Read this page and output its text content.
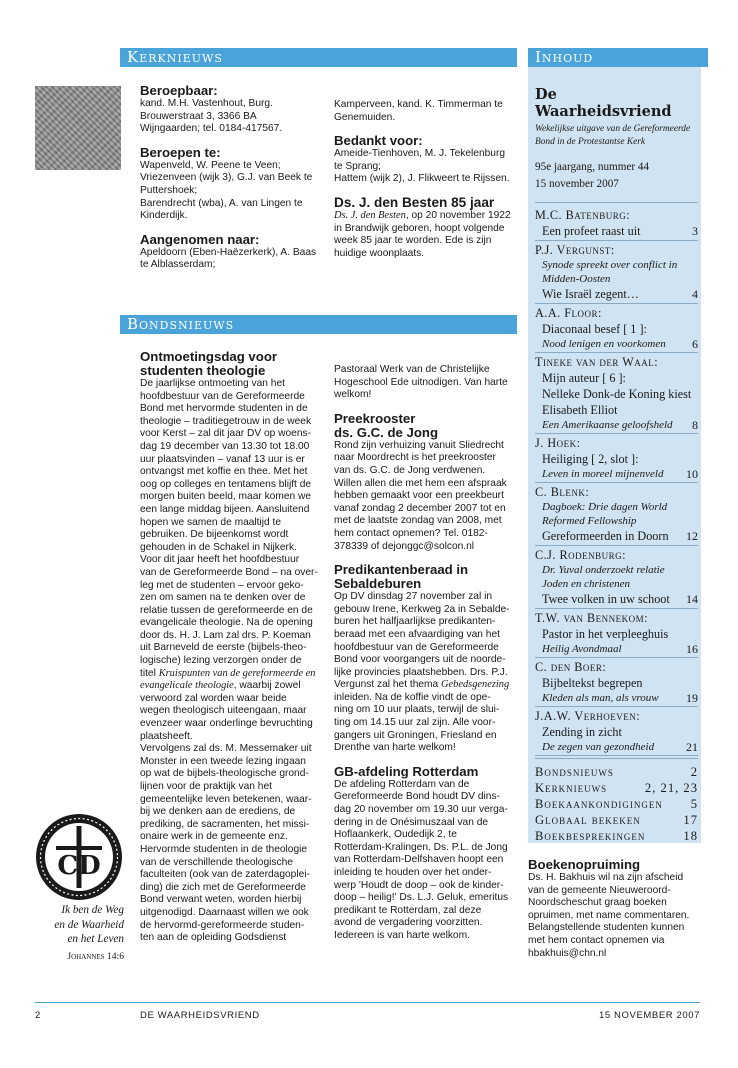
Kerknieuws
Beroepbaar:

kand. M.H. Vastenhout, Burg.

Brouwerstraat 3, 3366 BA

Wijngaarden; tel. 0184-417567.

Beroepen te:

Wapenveld, W. Peene te Veen;

Vriezenveen (wijk 3), G.J. van Beek te

Puttershoek;

Barendrecht (wba), A. van Lingen te

Kinderdijk.

Aangenomen naar:

Apeldoorn (Eben-Haëzerkerk), A. Baas

te Alblasserdam;

Kamperveen, kand. K. Timmerman te

Genemuiden.

Bedankt voor:

Ameide-Tienhoven, M. J. Tekelenburg

te Sprang;

Hattem (wijk 2), J. Flikweert te Rijssen.

Ds. J. den Besten 85 jaar

Ds. J. den Besten, op 20 november 1922

in Brandwijk geboren, hoopt volgende

week 85 jaar te worden. Ede is zijn

huidige woonplaats.

Bondsnieuws
Ontmoetingsdag voor
studenten theologie

De jaarlijkse ontmoeting van het

hoofdbestuur van de Gereformeerde

Bond met hervormde studenten in de

theologie – traditiegetrouw in de week

voor Kerst – zal dit jaar DV op woens-

dag 19 december van 13.30 tot 18.00

uur plaatsvinden – vanaf 13 uur is er

ontvangst met koffie en thee. Met het

oog op colleges en tentamens blijft de

morgen buiten beeld, maar komen we

een lange middag bijeen. Aansluitend

hopen we samen de maaltijd te

gebruiken. De bijeenkomst wordt

gehouden in de Schakel in Nijkerk.

Voor dit jaar heeft het hoofdbestuur

van de Gereformeerde Bond – na over-

leg met de studenten – ervoor geko-

zen om samen na te denken over de

relatie tussen de gereformeerde en de

evangelicale theologie. Na de opening

door ds. H. J. Lam zal drs. P. Koeman

uit Barneveld de eerste (bijbels-theo-

logische) lezing verzorgen onder de

titel Kruispunten van de gereformeerde en

evangelicale theologie, waarbij zowel

verwoord zal worden waar beide

wegen theologisch uiteengaan, maar

evenzeer waar onderlinge bevruchting

plaatsheeft.

Vervolgens zal ds. M. Messemaker uit

Monster in een tweede lezing ingaan

op wat de bijbels-theologische grond-

lijnen voor de praktijk van het

gemeentelijke leven betekenen, waar-

bij we denken aan de erediens, de

prediking, de sacramenten, het missi-

onaire werk in de gemeente enz.

Hervormde studenten in de theologie

van de verschillende theologische

faculteiten (ook van de zaterdagoplei-

ding) die zich met de Gereformeerde

Bond verwant weten, worden hierbij

uitgenodigd. Daarnaast willen we ook

de hervormd-gereformeerde studen-

ten aan de opleiding Godsdienst

Pastoraal Werk van de Christelijke

Hogeschool Ede uitnodigen. Van harte

welkom!

Preekrooster
ds. G.C. de Jong

Rond zijn verhuizing vanuit Sliedrecht

naar Moordrecht is het preekrooster

van ds. G.C. de Jong verdwenen.

Willen allen die met hem een afspraak

hebben gemaakt voor een preekbeurt

vanaf zondag 2 december 2007 tot en

met de laatste zondag van 2008, met

hem contact opnemen? Tel. 0182-

378339 of dejonggc@solcon.nl

Predikantenberaad in
Sebaldeburen

Op DV dinsdag 27 november zal in

gebouw Irene, Kerkweg 2a in Sebalde-

buren het halfjaarlijkse predikanten-

beraad met een afvaardiging van het

hoofdbestuur van de Gereformeerde

Bond voor voorgangers uit de noorde-

lijke provincies plaatshebben. Drs. P.J.

Vergunst zal het thema Gebedsgenezing

inleiden. Na de koffie vindt de ope-

ning om 10 uur plaats, terwijl de slui-

ting om 14.15 uur zal zijn. Alle voor-

gangers uit Groningen, Friesland en

Drenthe van harte welkom!

GB-afdeling Rotterdam

De afdeling Rotterdam van de

Gereformeerde Bond houdt DV dins-

dag 20 november om 19.30 uur verga-

dering in de Onésimuszaal van de

Hoflaankerk, Oudedijk 2, te

Rotterdam-Kralingen. Ds. P.L. de Jong

van Rotterdam-Delfshaven hoopt een

inleiding te houden over het onder-

werp 'Houdt de doop – ook de kinder-

doop – heilig!' Ds. L.J. Geluk, emeritus

predikant te Rotterdam, zal deze

avond de vergadering voorzitten.

Iedereen is van harte welkom.

CD
Ik ben de Weg
en de Waarheid
en het Leven
Johannes 14:6
Inhoud
De Waarheidsvriend
Wekelijkse uitgave van de Gereformeerde
Bond in de Protestantse Kerk
95e jaargang, nummer 44
15 november 2007
M.C. Batenburg:
Een profeet raast uit	3
P.J. Vergunst:
Synode spreekt over conflict in
Midden-Oosten
Wie Israël zegent…	4
A.A. Floor:
Diaconaal besef [ 1 ]:
Nood lenigen en voorkomen 6
Tineke van der Waal:
Mijn auteur [ 6 ]:
Nelleke Donk-de Koning kiest
Elisabeth Elliot
Een Amerikaanse geloofsheld 8
J. Hoek:
Heiliging [ 2, slot ]:
Leven in moreel mijnenveld 10
C. Blenk:
Dagboek: Drie dagen World
Reformed Fellowship
Gereformeerden in Doorn 12
C.J. Rodenburg:
Dr. Yuval onderzoekt relatie
Joden en christenen
Twee volken in uw schoot 14
T.W. van Bennekom:
Pastor in het verpleeghuis
Heilig Avondmaal	16
C. den Boer:
Bijbeltekst begrepen
Kleden als man, als vrouw 19
J.A.W. Verhoeven:
Zending in zicht
De zegen van gezondheid	21
Bondsnieuws	2
Kerknieuws	2, 21, 23
Boekaankondigingen 5
Globaal bekeken	17
Boekbesprekingen	18
Boekenopruiming

Ds. H. Bakhuis wil na zijn afscheid

van de gemeente Nieuweroord-

Noordscheschut graag boeken

opruimen, met name commentaren.

Belangstellende studenten kunnen

met hem contact opnemen via

hbakhuis@chn.nl

2	DE WAARHEIDSVRIEND	15 NOVEMBER 2007
